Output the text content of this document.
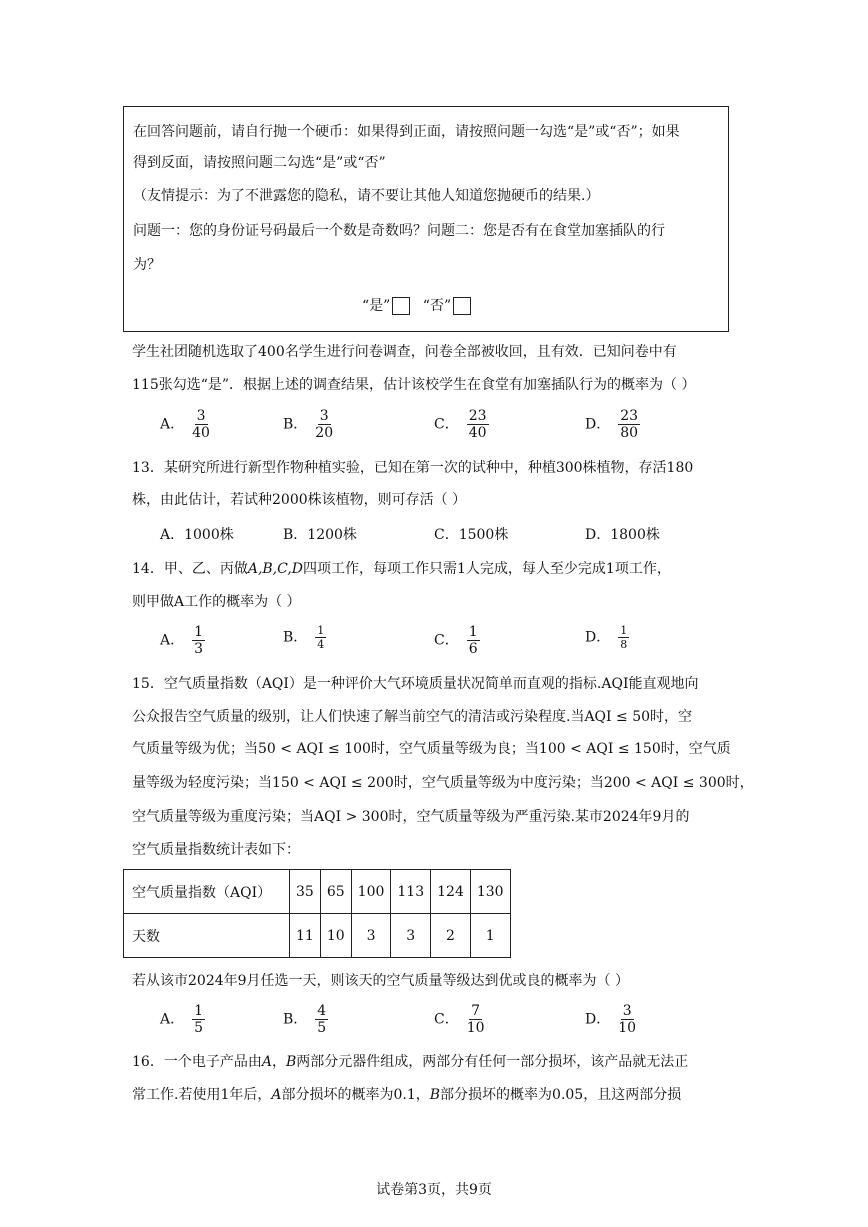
在回答问题前，请自行抛一个硬币：如果得到正面，请按照问题一勾选“是”或“否”；如果
得到反面，请按照问题二勾选“是”或“否”
（友情提示：为了不泄露您的隐私，请不要让其他人知道您抛硬币的结果.）
问题一：您的身份证号码最后一个数是奇数吗？问题二：您是否有在食堂加塞插队的行
为？
“是” “否”
学生社团随机选取了400名学生进行问卷调查，问卷全部被收回，且有效．已知问卷中有
115张勾选“是”．根据上述的调查结果，估计该校学生在食堂有加塞插队行为的概率为（ ）
A． $\frac{3}{40}$	B． $\frac{3}{20}$	C． $\frac{23}{40}$	D． $\frac{23}{80}$
13．某研究所进行新型作物种植实验，已知在第一次的试种中，种植300株植物，存活180
株，由此估计，若试种2000株该植物，则可存活（ ）
A．1000株	B．1200株	C．1500株	D．1800株
14．甲、乙、丙做A,B,C,D四项工作，每项工作只需1人完成，每人至少完成1项工作，
则甲做A工作的概率为（ ）
A． $\frac{1}{3}$	B． $\frac{1}{4}$	C． $\frac{1}{6}$	D． $\frac{1}{8}$
15．空气质量指数（AQI）是一种评价大气环境质量状况简单而直观的指标.AQI能直观地向
公众报告空气质量的级别，让人们快速了解当前空气的清洁或污染程度.当AQI ≤ 50时，空
气质量等级为优；当50 < AQI ≤ 100时，空气质量等级为良；当100 < AQI ≤ 150时，空气质
量等级为轻度污染；当150 < AQI ≤ 200时，空气质量等级为中度污染；当200 < AQI ≤ 300时，
空气质量等级为重度污染；当AQI > 300时，空气质量等级为严重污染.某市2024年9月的
空气质量指数统计表如下：
空气质量指数（AQI）	35	65	100	113	124	130
天数	11	10	3	3	2	1
若从该市2024年9月任选一天，则该天的空气质量等级达到优或良的概率为（ ）
A． $\frac{1}{5}$	B． $\frac{4}{5}$	C． $\frac{7}{10}$	D． $\frac{3}{10}$
16．一个电子产品由A，B两部分元器件组成，两部分有任何一部分损坏，该产品就无法正
常工作.若使用1年后，A部分损坏的概率为0.1，B部分损坏的概率为0.05，且这两部分损
试卷第3页，共9页
